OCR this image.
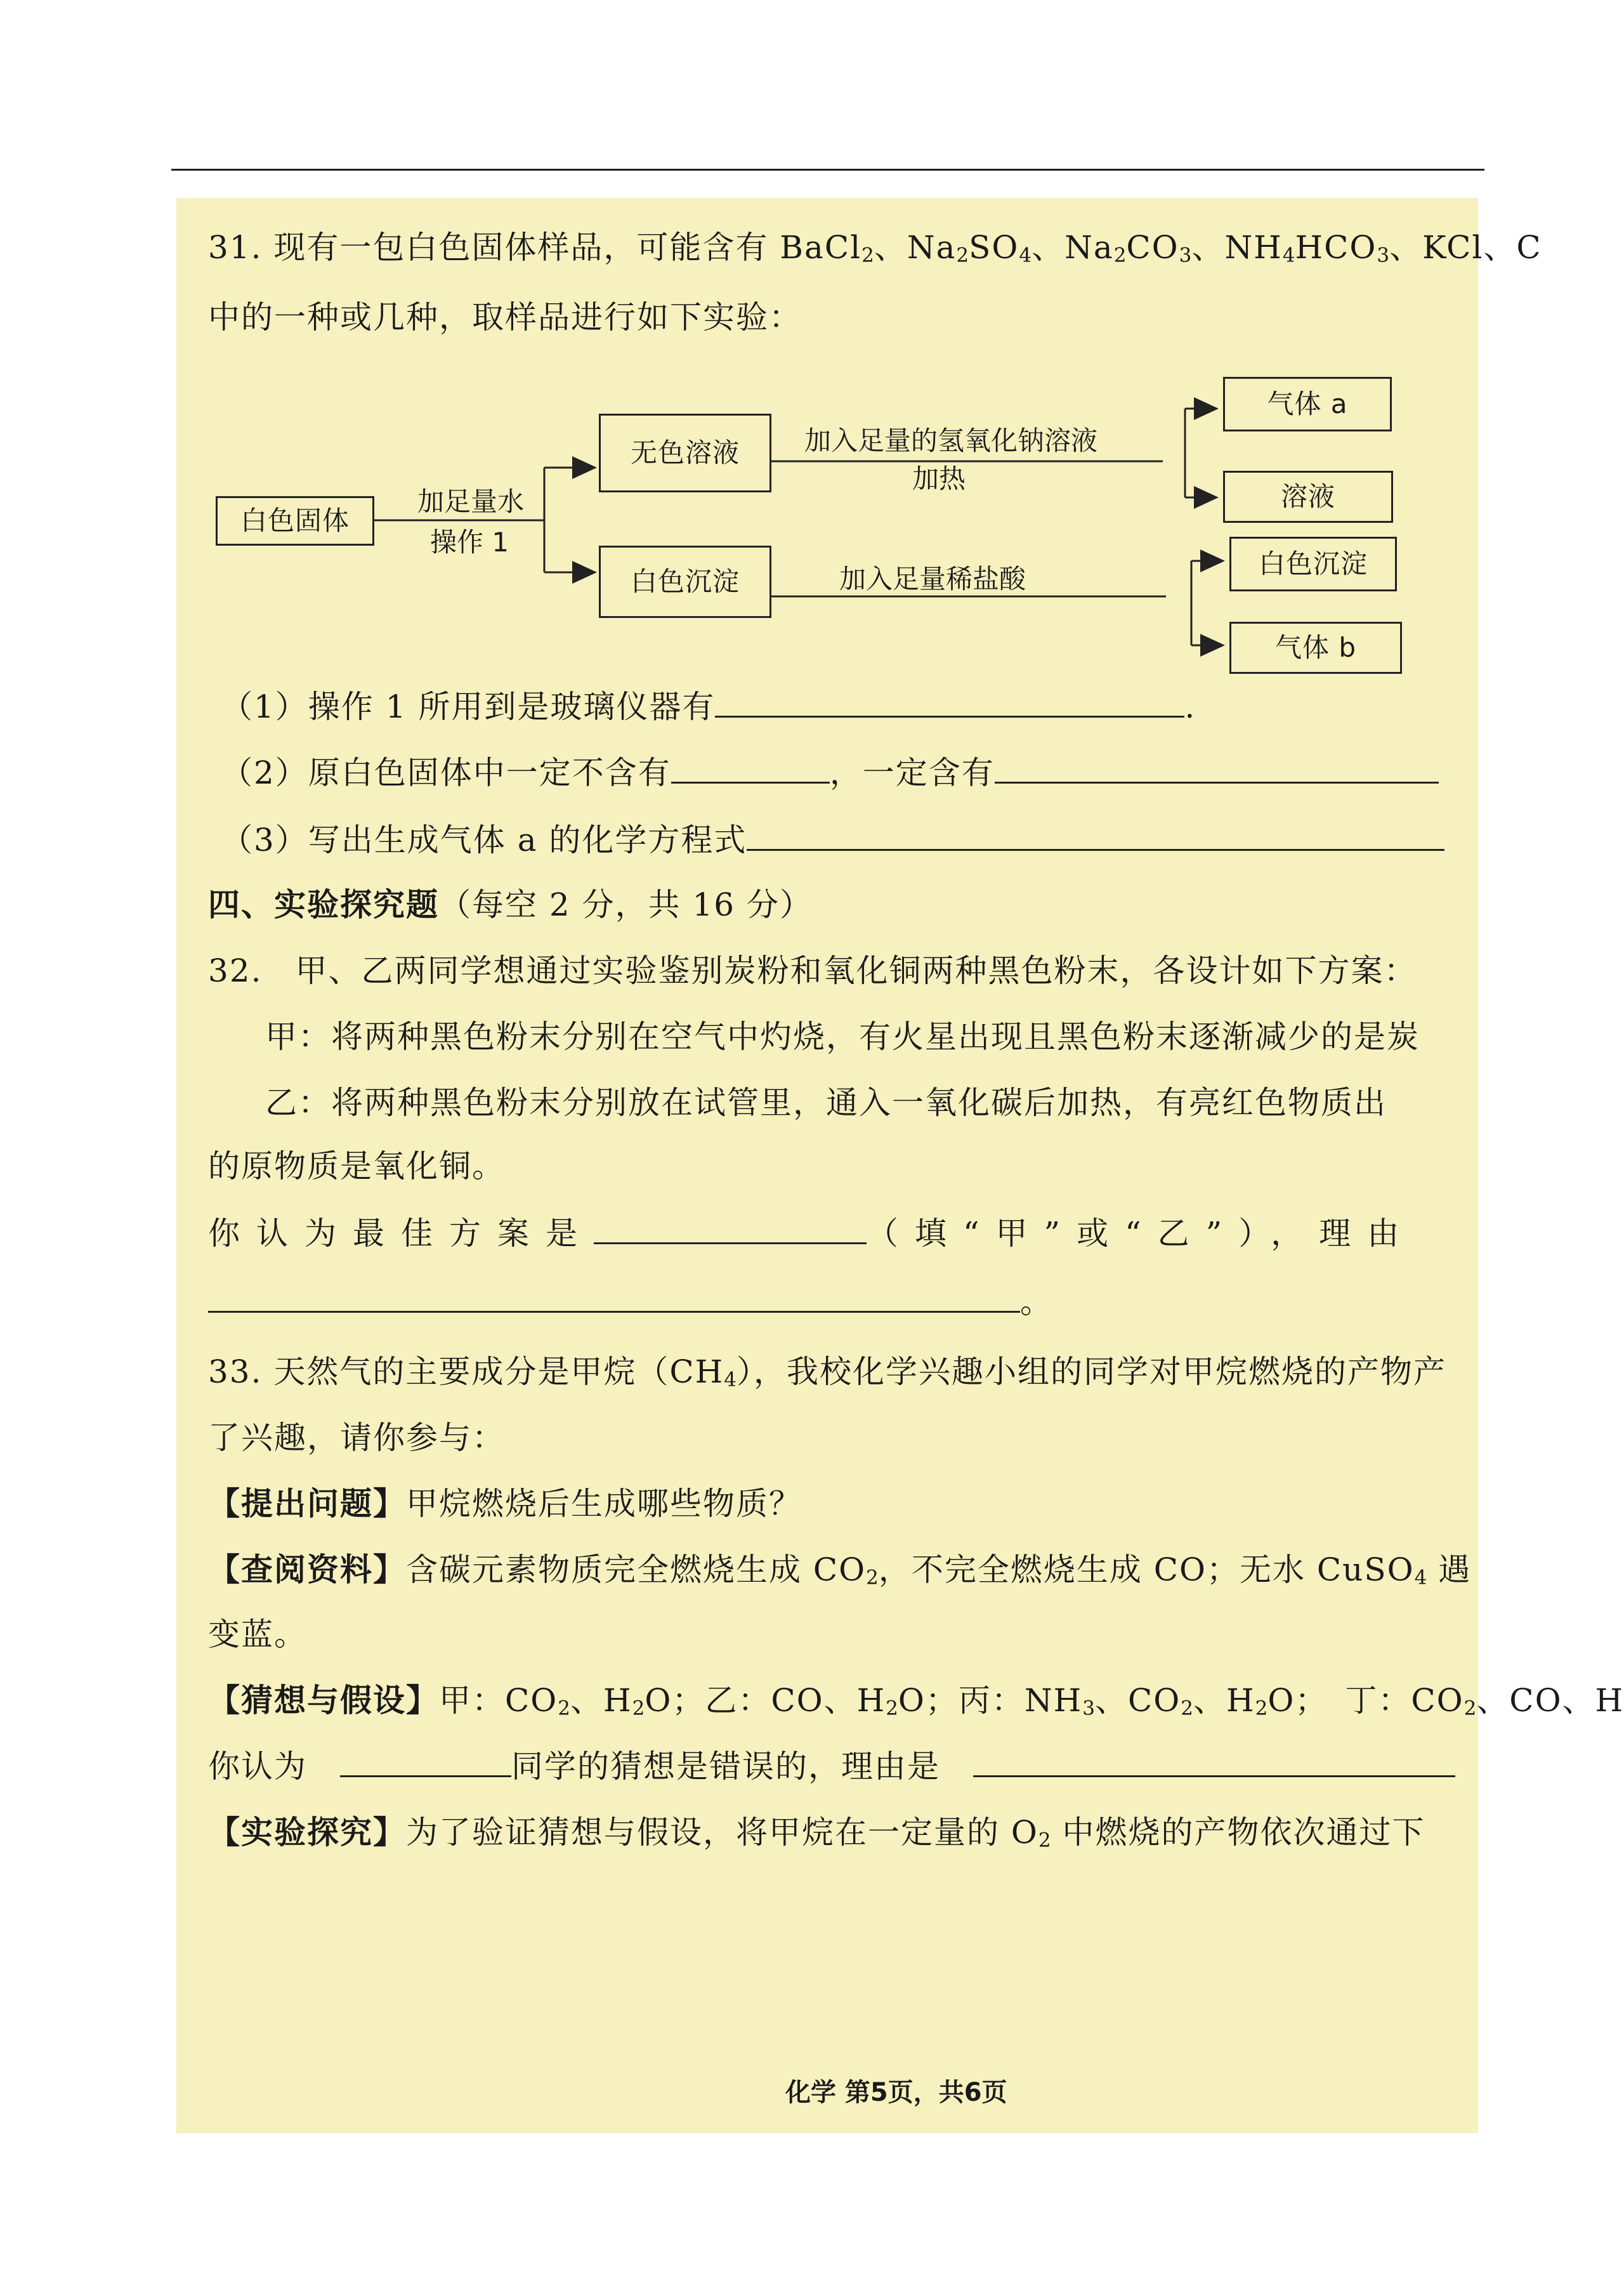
31. 现有一包白色固体样品，可能含有 BaCl2、Na2SO4、Na2CO3、NH4HCO3、KCl、C
中的一种或几种，取样品进行如下实验：
白色固体
加足量水
操作 1
无色溶液
白色沉淀
加入足量的氢氧化钠溶液
加热
加入足量稀盐酸
气体 a
溶液
白色沉淀
气体 b
（1）操作 1 所用到是玻璃仪器有	.
（2）原白色固体中一定不含有	，一定含有
（3）写出生成气体 a 的化学方程式
四、实验探究题（每空 2 分，共 16 分）
32.　甲、乙两同学想通过实验鉴别炭粉和氧化铜两种黑色粉末，各设计如下方案：
甲：将两种黑色粉末分别在空气中灼烧，有火星出现且黑色粉末逐渐减少的是炭
乙：将两种黑色粉末分别放在试管里，通入一氧化碳后加热，有亮红色物质出
的原物质是氧化铜。
你认为最佳方案是	（填“甲”或“乙”），理由
。
33. 天然气的主要成分是甲烷（CH4），我校化学兴趣小组的同学对甲烷燃烧的产物产
了兴趣，请你参与：
【提出问题】甲烷燃烧后生成哪些物质？
【查阅资料】含碳元素物质完全燃烧生成 CO2，不完全燃烧生成 CO；无水 CuSO4 遇
变蓝。
【猜想与假设】甲：CO2、H2O；乙：CO、H2O；丙：NH3、CO2、H2O；　丁：CO2、CO、H
你认为　	同学的猜想是错误的，理由是　
【实验探究】为了验证猜想与假设，将甲烷在一定量的 O2 中燃烧的产物依次通过下
化学 第5页，共6页
